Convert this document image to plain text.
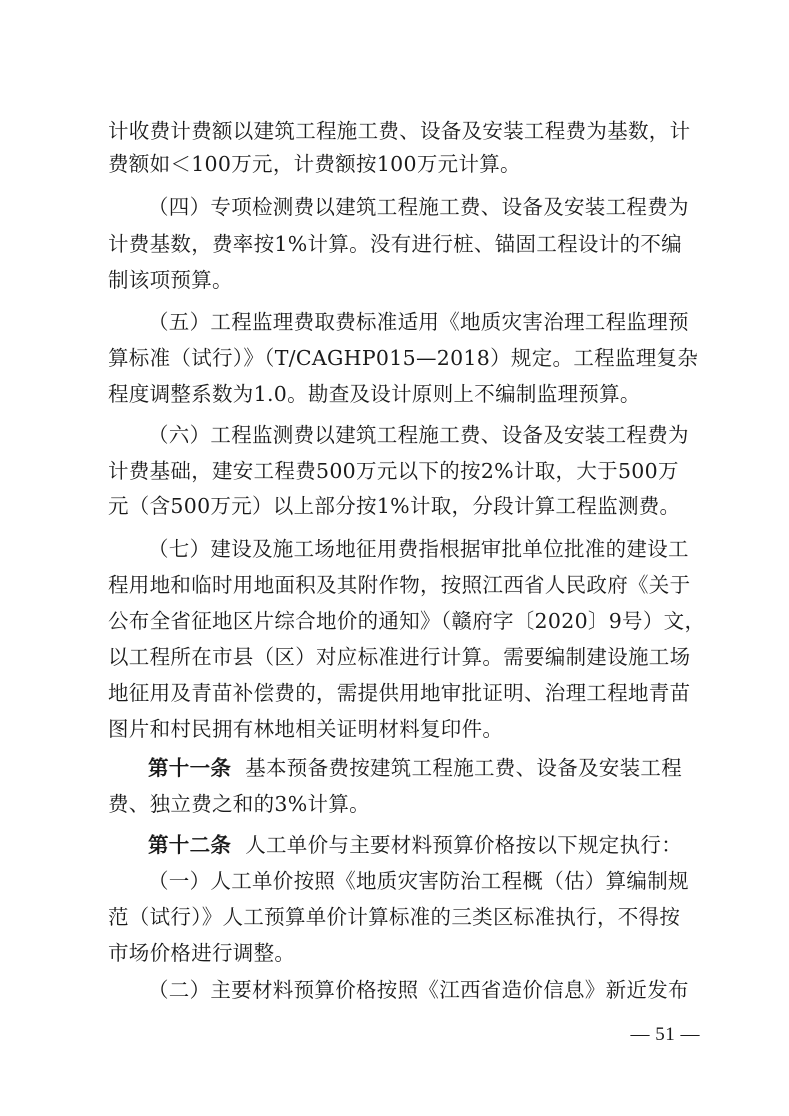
计收费计费额以建筑工程施工费、设备及安装工程费为基数，计
费额如＜100万元，计费额按100万元计算。
（四）专项检测费以建筑工程施工费、设备及安装工程费为
计费基数，费率按1%计算。没有进行桩、锚固工程设计的不编
制该项预算。
（五）工程监理费取费标准适用《地质灾害治理工程监理预
算标准（试行）》（T/CAGHP015—2018）规定。工程监理复杂
程度调整系数为1.0。勘查及设计原则上不编制监理预算。
（六）工程监测费以建筑工程施工费、设备及安装工程费为
计费基础，建安工程费500万元以下的按2%计取，大于500万
元（含500万元）以上部分按1%计取，分段计算工程监测费。
（七）建设及施工场地征用费指根据审批单位批准的建设工
程用地和临时用地面积及其附作物，按照江西省人民政府《关于
公布全省征地区片综合地价的通知》（赣府字〔2020〕9号）文，
以工程所在市县（区）对应标准进行计算。需要编制建设施工场
地征用及青苗补偿费的，需提供用地审批证明、治理工程地青苗
图片和村民拥有林地相关证明材料复印件。
第十一条 基本预备费按建筑工程施工费、设备及安装工程
费、独立费之和的3%计算。
第十二条 人工单价与主要材料预算价格按以下规定执行：
（一）人工单价按照《地质灾害防治工程概（估）算编制规
范（试行）》人工预算单价计算标准的三类区标准执行，不得按
市场价格进行调整。
（二）主要材料预算价格按照《江西省造价信息》新近发布
— 51 —
